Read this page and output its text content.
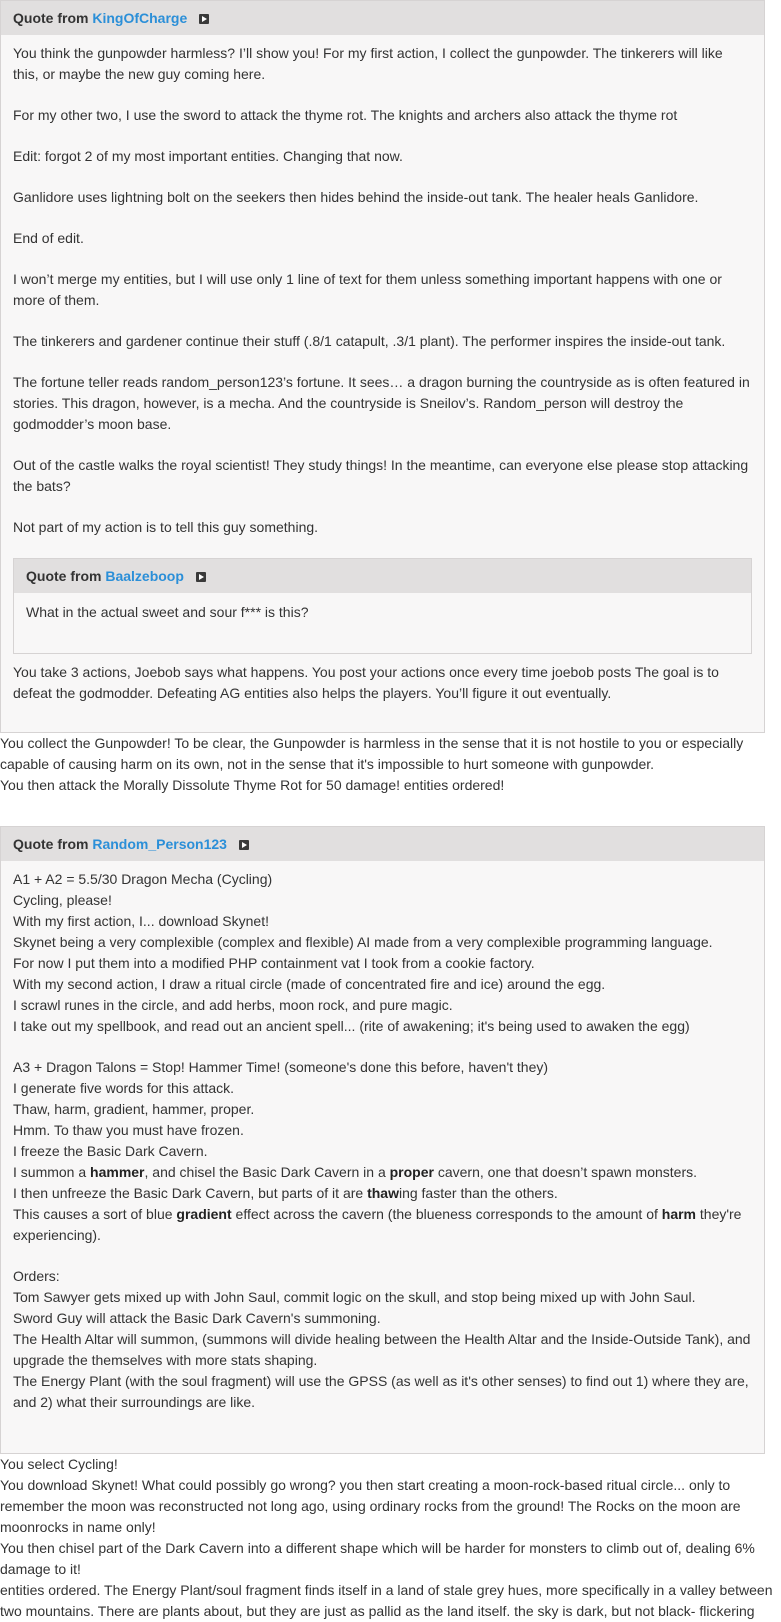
Quote from KingOfCharge

You think the gunpowder harmless? I’ll show you! For my first action, I collect the gunpowder. The tinkerers will like this, or maybe the new guy coming here.

For my other two, I use the sword to attack the thyme rot. The knights and archers also attack the thyme rot

Edit: forgot 2 of my most important entities. Changing that now.

Ganlidore uses lightning bolt on the seekers then hides behind the inside-out tank. The healer heals Ganlidore.

End of edit.

I won’t merge my entities, but I will use only 1 line of text for them unless something important happens with one or more of them.

The tinkerers and gardener continue their stuff (.8/1 catapult, .3/1 plant). The performer inspires the inside-out tank.

The fortune teller reads random_person123’s fortune. It sees… a dragon burning the countryside as is often featured in stories. This dragon, however, is a mecha. And the countryside is Sneilov’s. Random_person will destroy the godmodder’s moon base.

Out of the castle walks the royal scientist! They study things! In the meantime, can everyone else please stop attacking the bats?

Not part of my action is to tell this guy something.

Quote from Baalzeboop

What in the actual sweet and sour f*** is this?

You take 3 actions, Joebob says what happens. You post your actions once every time joebob posts The goal is to defeat the godmodder. Defeating AG entities also helps the players. You’ll figure it out eventually.

You collect the Gunpowder! To be clear, the Gunpowder is harmless in the sense that it is not hostile to you or especially capable of causing harm on its own, not in the sense that it's impossible to hurt someone with gunpowder.

You then attack the Morally Dissolute Thyme Rot for 50 damage! entities ordered!

Quote from Random_Person123
A1 + A2 = 5.5/30 Dragon Mecha (Cycling)
Cycling, please!
With my first action, I... download Skynet!
Skynet being a very complexible (complex and flexible) AI made from a very complexible programming language.
For now I put them into a modified PHP containment vat I took from a cookie factory.
With my second action, I draw a ritual circle (made of concentrated fire and ice) around the egg.
I scrawl runes in the circle, and add herbs, moon rock, and pure magic.
I take out my spellbook, and read out an ancient spell... (rite of awakening; it's being used to awaken the egg)
A3 + Dragon Talons = Stop! Hammer Time! (someone's done this before, haven't they)
I generate five words for this attack.
Thaw, harm, gradient, hammer, proper.
Hmm. To thaw you must have frozen.
I freeze the Basic Dark Cavern.
I summon a hammer, and chisel the Basic Dark Cavern in a proper cavern, one that doesn’t spawn monsters.
I then unfreeze the Basic Dark Cavern, but parts of it are thawing faster than the others.
This causes a sort of blue gradient effect across the cavern (the blueness corresponds to the amount of harm they're experiencing).
Orders:
Tom Sawyer gets mixed up with John Saul, commit logic on the skull, and stop being mixed up with John Saul.
Sword Guy will attack the Basic Dark Cavern's summoning.
The Health Altar will summon, (summons will divide healing between the Health Altar and the Inside-Outside Tank), and upgrade the themselves with more stats shaping.
The Energy Plant (with the soul fragment) will use the GPSS (as well as it's other senses) to find out 1) where they are, and 2) what their surroundings are like.

You select Cycling!

You download Skynet! What could possibly go wrong? you then start creating a moon-rock-based ritual circle... only to remember the moon was reconstructed not long ago, using ordinary rocks from the ground! The Rocks on the moon are moonrocks in name only!

You then chisel part of the Dark Cavern into a different shape which will be harder for monsters to climb out of, dealing 6% damage to it!

entities ordered. The Energy Plant/soul fragment finds itself in a land of stale grey hues, more specifically in a valley between two mountains. There are plants about, but they are just as pallid as the land itself. the sky is dark, but not black- flickering
